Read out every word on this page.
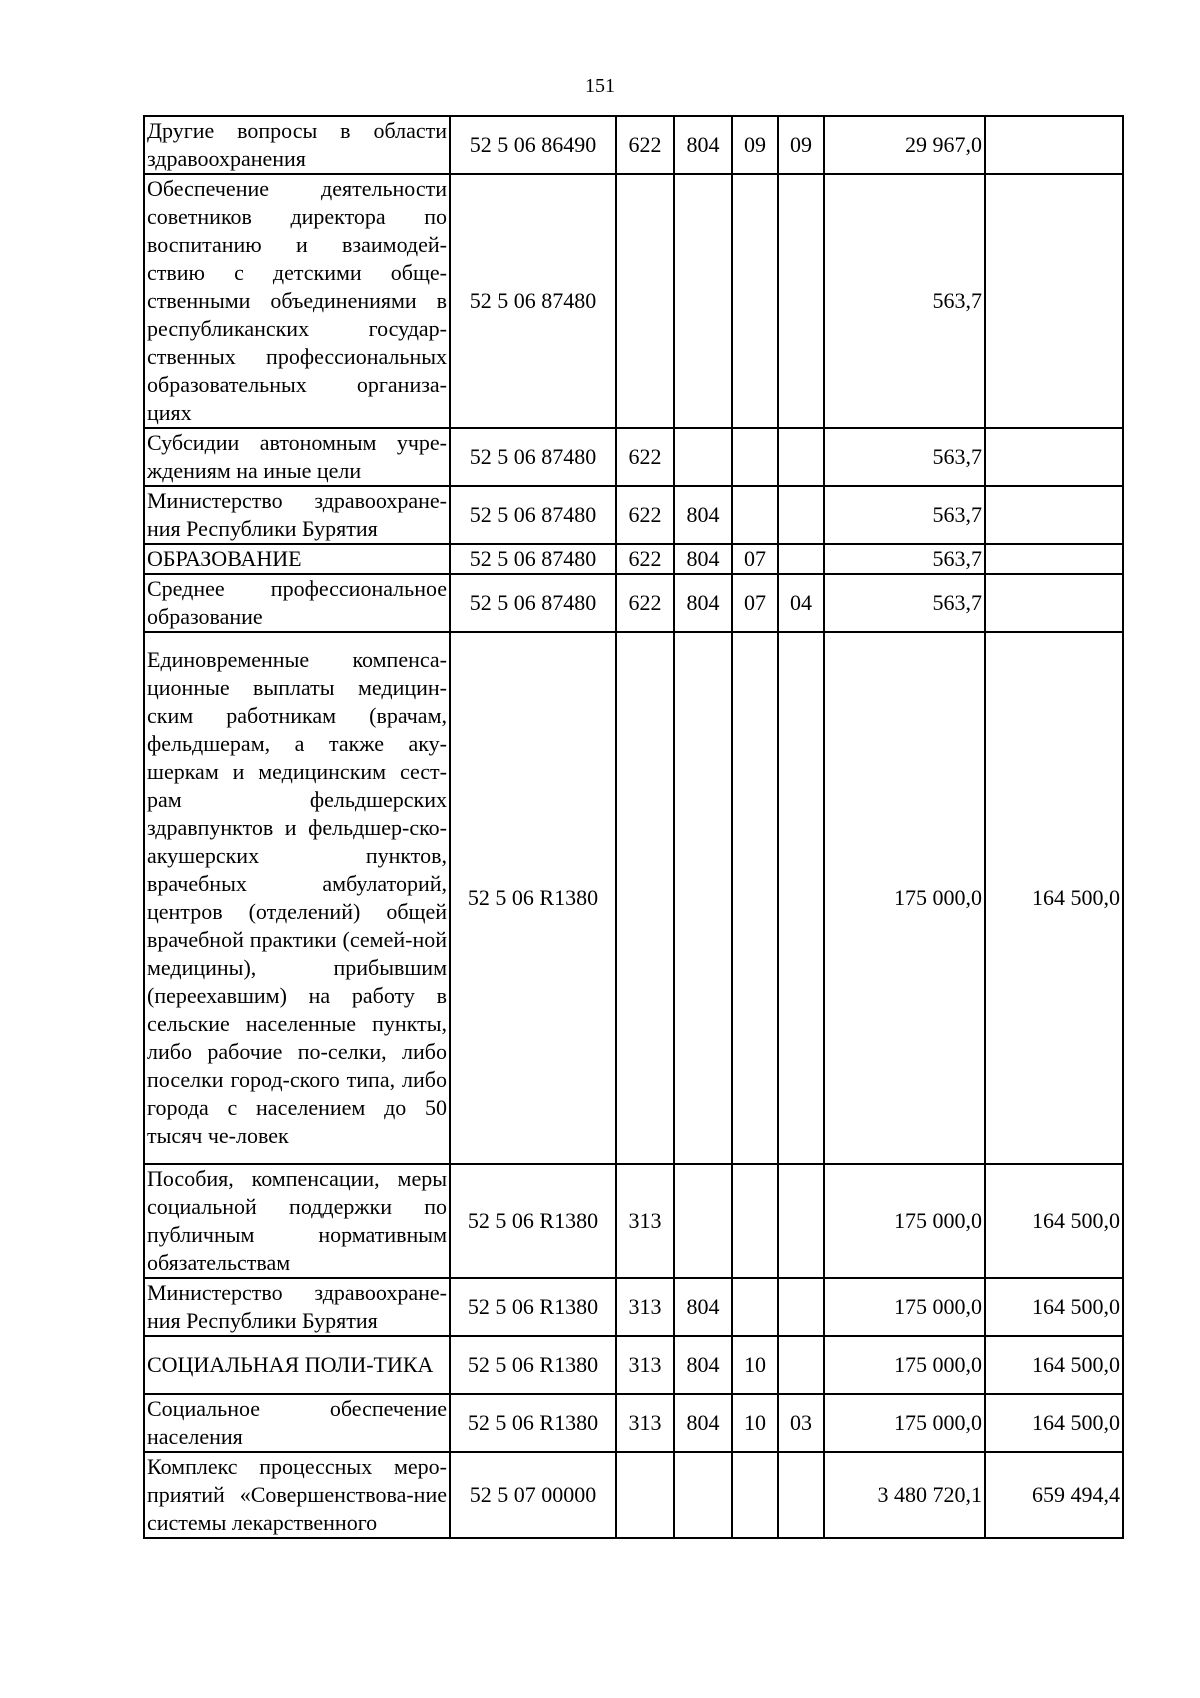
151
Другие вопросы в области здравоохранения	52 5 06 86490	622	804	09	09	29 967,0	
Обеспечение деятельности советников директора по воспитанию и взаимодей-ствию с детскими обще-ственными объединениями в республиканских государ-ственных профессиональных образовательных организа-циях	52 5 06 87480					563,7	
Субсидии автономным учре-ждениям на иные цели	52 5 06 87480	622				563,7	
Министерство здравоохране-ния Республики Бурятия	52 5 06 87480	622	804			563,7	
ОБРАЗОВАНИЕ	52 5 06 87480	622	804	07		563,7	
Среднее профессиональное образование	52 5 06 87480	622	804	07	04	563,7	
Единовременные компенса-ционные выплаты медицин-ским работникам (врачам, фельдшерам, а также аку-шеркам и медицинским сест-рам фельдшерских здравпунктов и фельдшер-ско-акушерских пунктов, врачебных амбулаторий, центров (отделений) общей врачебной практики (семей-ной медицины), прибывшим (переехавшим) на работу в сельские населенные пункты, либо рабочие по-селки, либо поселки город-ского типа, либо города с населением до 50 тысяч че-ловек	52 5 06 R1380					175 000,0	164 500,0
Пособия, компенсации, меры социальной поддержки по публичным нормативным обязательствам	52 5 06 R1380	313				175 000,0	164 500,0
Министерство здравоохране-ния Республики Бурятия	52 5 06 R1380	313	804			175 000,0	164 500,0
СОЦИАЛЬНАЯ ПОЛИ-ТИКА	52 5 06 R1380	313	804	10		175 000,0	164 500,0
Социальное обеспечение населения	52 5 06 R1380	313	804	10	03	175 000,0	164 500,0
Комплекс процессных меро-приятий «Совершенствова-ние системы лекарственного	52 5 07 00000					3 480 720,1	659 494,4
